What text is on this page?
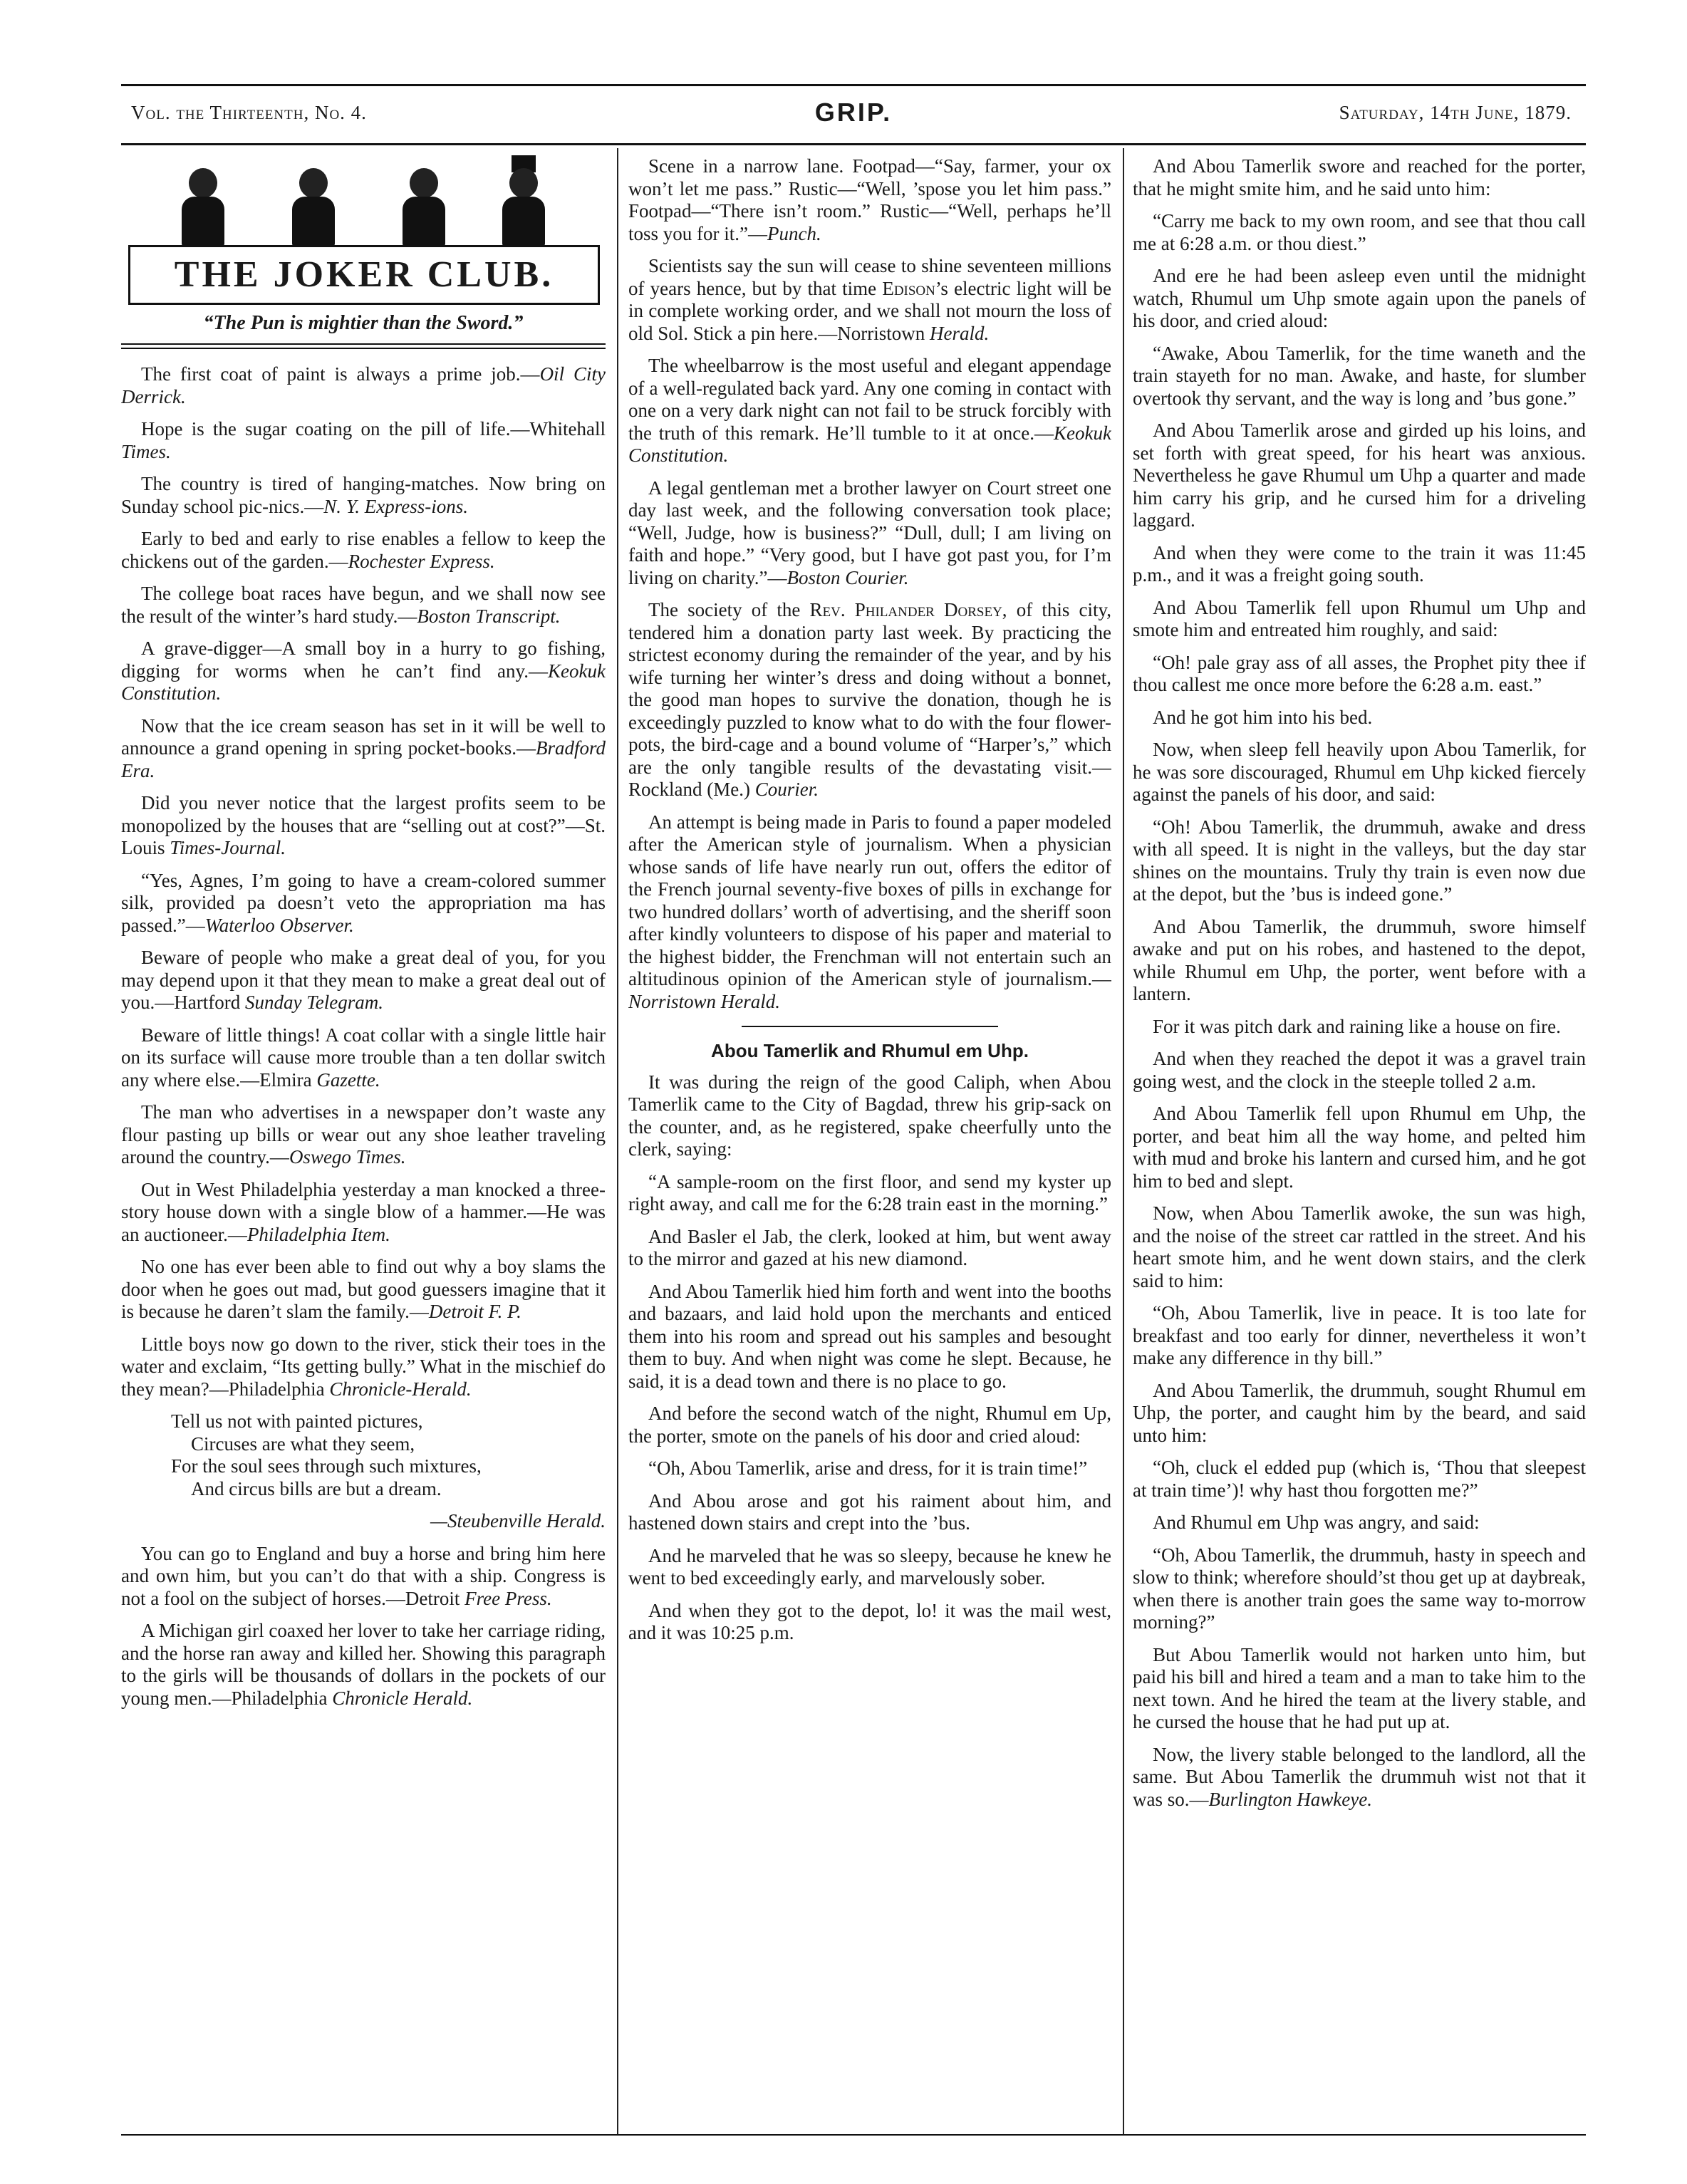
Vol. the Thirteenth, No. 4.	GRIP.	Saturday, 14th June, 1879.
THE JOKER CLUB.
“The Pun is mightier than the Sword.”

The first coat of paint is always a prime job.—Oil City Derrick.

Hope is the sugar coating on the pill of life.—Whitehall Times.

The country is tired of hanging-matches. Now bring on Sunday school pic-nics.—N. Y. Express-ions.

Early to bed and early to rise enables a fellow to keep the chickens out of the garden.—Rochester Express.

The college boat races have begun, and we shall now see the result of the winter’s hard study.—Boston Transcript.

A grave-digger—A small boy in a hurry to go fishing, digging for worms when he can’t find any.—Keokuk Constitution.

Now that the ice cream season has set in it will be well to announce a grand opening in spring pocket-books.—Bradford Era.

Did you never notice that the largest profits seem to be monopolized by the houses that are “selling out at cost?”—St. Louis Times-Journal.

“Yes, Agnes, I’m going to have a cream-colored summer silk, provided pa doesn’t veto the appropriation ma has passed.”—Waterloo Observer.

Beware of people who make a great deal of you, for you may depend upon it that they mean to make a great deal out of you.—Hartford Sunday Telegram.

Beware of little things! A coat collar with a single little hair on its surface will cause more trouble than a ten dollar switch any where else.—Elmira Gazette.

The man who advertises in a newspaper don’t waste any flour pasting up bills or wear out any shoe leather traveling around the country.—Oswego Times.

Out in West Philadelphia yesterday a man knocked a three-story house down with a single blow of a hammer.—He was an auctioneer.—Philadelphia Item.

No one has ever been able to find out why a boy slams the door when he goes out mad, but good guessers imagine that it is because he daren’t slam the family.—Detroit F. P.

Little boys now go down to the river, stick their toes in the water and exclaim, “Its getting bully.” What in the mischief do they mean?—Philadelphia Chronicle-Herald.

Tell us not with painted pictures,
Circuses are what they seem,
For the soul sees through such mixtures,
And circus bills are but a dream.
—Steubenville Herald.

You can go to England and buy a horse and bring him here and own him, but you can’t do that with a ship. Congress is not a fool on the subject of horses.—Detroit Free Press.

A Michigan girl coaxed her lover to take her carriage riding, and the horse ran away and killed her. Showing this paragraph to the girls will be thousands of dollars in the pockets of our young men.—Philadelphia Chronicle Herald.

Scene in a narrow lane. Footpad—“Say, farmer, your ox won’t let me pass.” Rustic—“Well, ’spose you let him pass.” Footpad—“There isn’t room.” Rustic—“Well, perhaps he’ll toss you for it.”—Punch.

Scientists say the sun will cease to shine seventeen millions of years hence, but by that time Edison’s electric light will be in complete working order, and we shall not mourn the loss of old Sol. Stick a pin here.—Norristown Herald.

The wheelbarrow is the most useful and elegant appendage of a well-regulated back yard. Any one coming in contact with one on a very dark night can not fail to be struck forcibly with the truth of this remark. He’ll tumble to it at once.—Keokuk Constitution.

A legal gentleman met a brother lawyer on Court street one day last week, and the following conversation took place; “Well, Judge, how is business?” “Dull, dull; I am living on faith and hope.” “Very good, but I have got past you, for I’m living on charity.”—Boston Courier.

The society of the Rev. Philander Dorsey, of this city, tendered him a donation party last week. By practicing the strictest economy during the remainder of the year, and by his wife turning her winter’s dress and doing without a bonnet, the good man hopes to survive the donation, though he is exceedingly puzzled to know what to do with the four flower-pots, the bird-cage and a bound volume of “Harper’s,” which are the only tangible results of the devastating visit.—Rockland (Me.) Courier.

An attempt is being made in Paris to found a paper modeled after the American style of journalism. When a physician whose sands of life have nearly run out, offers the editor of the French journal seventy-five boxes of pills in exchange for two hundred dollars’ worth of advertising, and the sheriff soon after kindly volunteers to dispose of his paper and material to the highest bidder, the Frenchman will not entertain such an altitudinous opinion of the American style of journalism.—Norristown Herald.

Abou Tamerlik and Rhumul em Uhp.

It was during the reign of the good Caliph, when Abou Tamerlik came to the City of Bagdad, threw his grip-sack on the counter, and, as he registered, spake cheerfully unto the clerk, saying:

“A sample-room on the first floor, and send my kyster up right away, and call me for the 6:28 train east in the morning.”

And Basler el Jab, the clerk, looked at him, but went away to the mirror and gazed at his new diamond.

And Abou Tamerlik hied him forth and went into the booths and bazaars, and laid hold upon the merchants and enticed them into his room and spread out his samples and besought them to buy. And when night was come he slept. Because, he said, it is a dead town and there is no place to go.

And before the second watch of the night, Rhumul em Up, the porter, smote on the panels of his door and cried aloud:

“Oh, Abou Tamerlik, arise and dress, for it is train time!”

And Abou arose and got his raiment about him, and hastened down stairs and crept into the ’bus.

And he marveled that he was so sleepy, because he knew he went to bed exceedingly early, and marvelously sober.

And when they got to the depot, lo! it was the mail west, and it was 10:25 p.m.

And Abou Tamerlik swore and reached for the porter, that he might smite him, and he said unto him:

“Carry me back to my own room, and see that thou call me at 6:28 a.m. or thou diest.”

And ere he had been asleep even until the midnight watch, Rhumul um Uhp smote again upon the panels of his door, and cried aloud:

“Awake, Abou Tamerlik, for the time waneth and the train stayeth for no man. Awake, and haste, for slumber overtook thy servant, and the way is long and ’bus gone.”

And Abou Tamerlik arose and girded up his loins, and set forth with great speed, for his heart was anxious. Nevertheless he gave Rhumul um Uhp a quarter and made him carry his grip, and he cursed him for a driveling laggard.

And when they were come to the train it was 11:45 p.m., and it was a freight going south.

And Abou Tamerlik fell upon Rhumul um Uhp and smote him and entreated him roughly, and said:

“Oh! pale gray ass of all asses, the Prophet pity thee if thou callest me once more before the 6:28 a.m. east.”

And he got him into his bed.

Now, when sleep fell heavily upon Abou Tamerlik, for he was sore discouraged, Rhumul em Uhp kicked fiercely against the panels of his door, and said:

“Oh! Abou Tamerlik, the drummuh, awake and dress with all speed. It is night in the valleys, but the day star shines on the mountains. Truly thy train is even now due at the depot, but the ’bus is indeed gone.”

And Abou Tamerlik, the drummuh, swore himself awake and put on his robes, and hastened to the depot, while Rhumul em Uhp, the porter, went before with a lantern.

For it was pitch dark and raining like a house on fire.

And when they reached the depot it was a gravel train going west, and the clock in the steeple tolled 2 a.m.

And Abou Tamerlik fell upon Rhumul em Uhp, the porter, and beat him all the way home, and pelted him with mud and broke his lantern and cursed him, and he got him to bed and slept.

Now, when Abou Tamerlik awoke, the sun was high, and the noise of the street car rattled in the street. And his heart smote him, and he went down stairs, and the clerk said to him:

“Oh, Abou Tamerlik, live in peace. It is too late for breakfast and too early for dinner, nevertheless it won’t make any difference in thy bill.”

And Abou Tamerlik, the drummuh, sought Rhumul em Uhp, the porter, and caught him by the beard, and said unto him:

“Oh, cluck el edded pup (which is, ‘Thou that sleepest at train time’)! why hast thou forgotten me?”

And Rhumul em Uhp was angry, and said:

“Oh, Abou Tamerlik, the drummuh, hasty in speech and slow to think; wherefore should’st thou get up at daybreak, when there is another train goes the same way to-morrow morning?”

But Abou Tamerlik would not harken unto him, but paid his bill and hired a team and a man to take him to the next town. And he hired the team at the livery stable, and he cursed the house that he had put up at.

Now, the livery stable belonged to the landlord, all the same. But Abou Tamerlik the drummuh wist not that it was so.—Burlington Hawkeye.
